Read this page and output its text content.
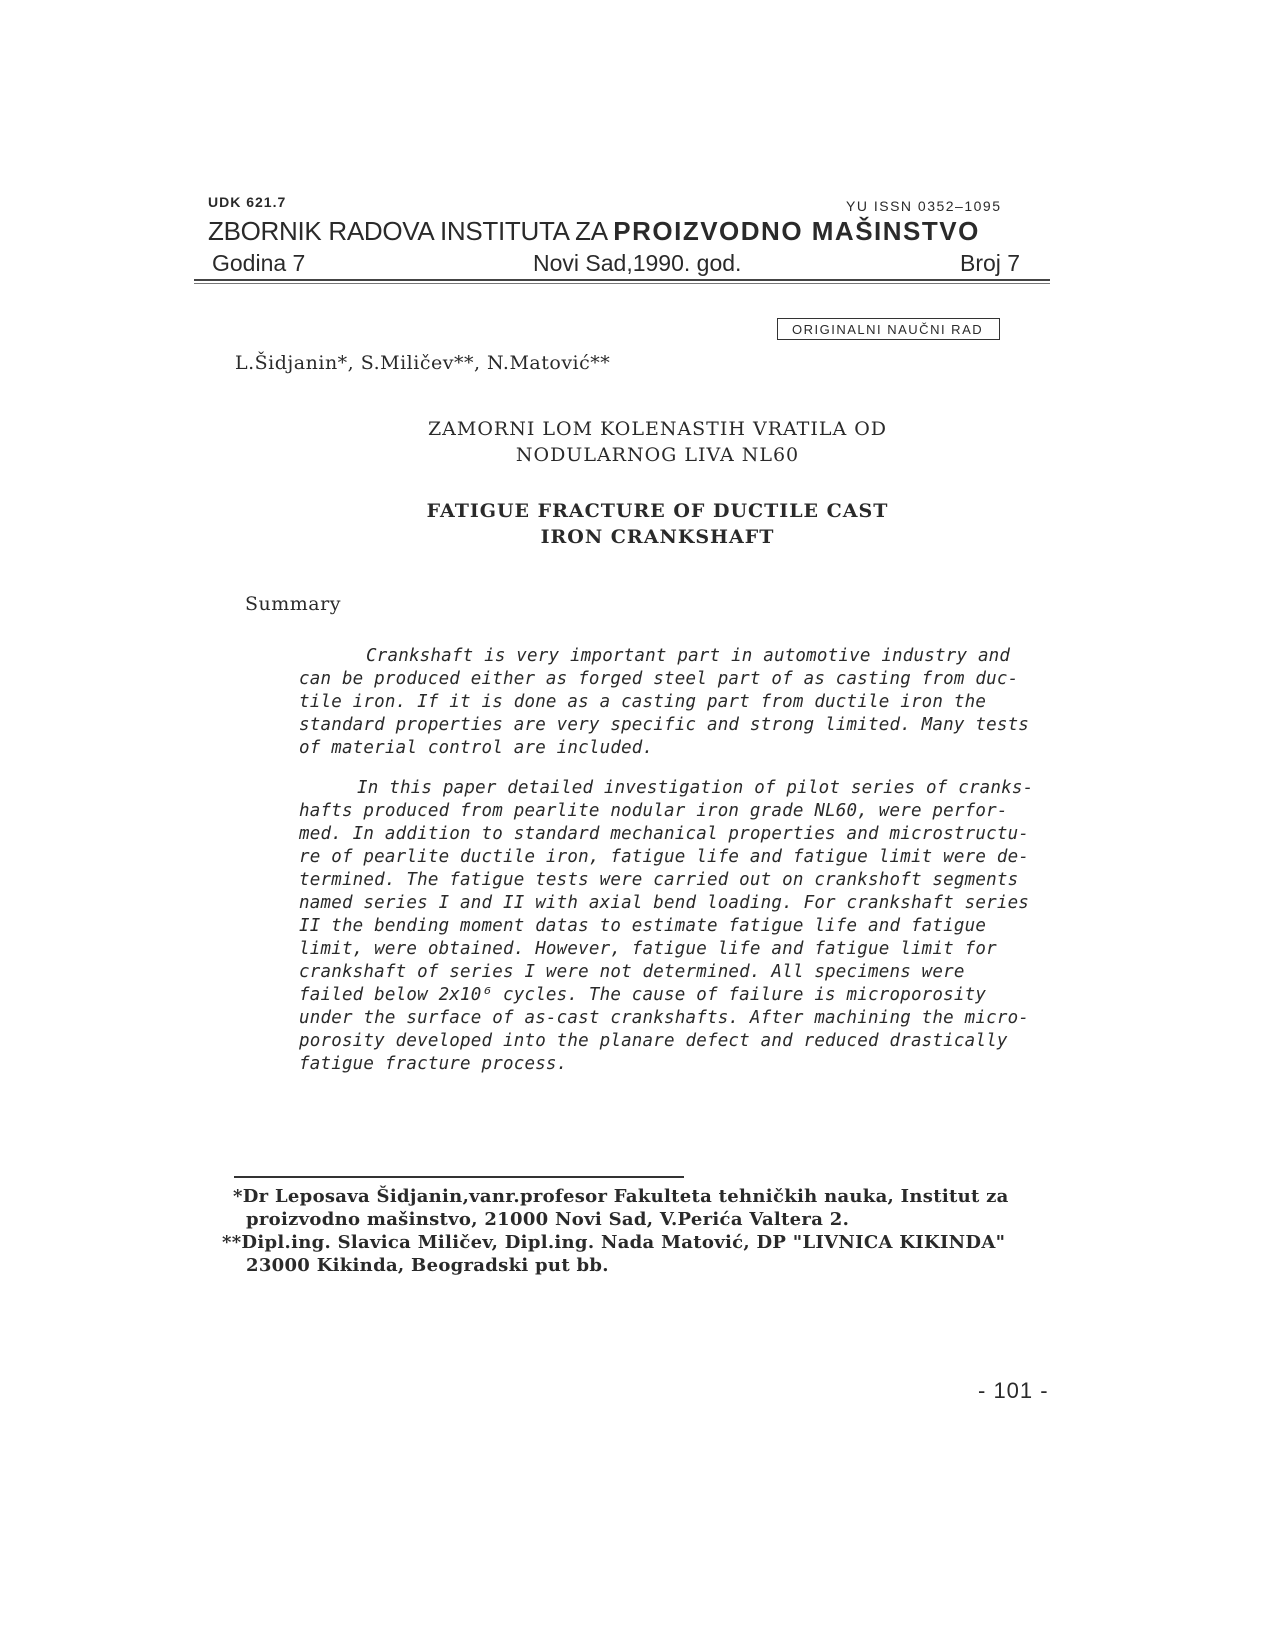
UDK 621.7	YU ISSN 0352–1095
ZBORNIK RADOVA INSTITUTA ZA PROIZVODNO MAŠINSTVO
Godina 7	Novi Sad,1990. god.	Broj 7
ORIGINALNI NAUČNI RAD
L.Šidjanin*, S.Miličev**, N.Matović**
ZAMORNI LOM KOLENASTIH VRATILA OD
NODULARNOG LIVA NL60
FATIGUE FRACTURE OF DUCTILE CAST
IRON CRANKSHAFT
Summary
Crankshaft is very important part in automotive industry and
can be produced either as forged steel part of as casting from duc-
tile iron. If it is done as a casting part from ductile iron the
standard properties are very specific and strong limited. Many tests
of material control are included.
In this paper detailed investigation of pilot series of cranks-
hafts produced from pearlite nodular iron grade NL60, were perfor-
med. In addition to standard mechanical properties and microstructu-
re of pearlite ductile iron, fatigue life and fatigue limit were de-
termined. The fatigue tests were carried out on crankshoft segments
named series I and II with axial bend loading. For crankshaft series
II the bending moment datas to estimate fatigue life and fatigue
limit, were obtained. However, fatigue life and fatigue limit for
crankshaft of series I were not determined. All specimens were
failed below 2x10⁶ cycles. The cause of failure is microporosity
under the surface of as-cast crankshafts. After machining the micro-
porosity developed into the planare defect and reduced drastically
fatigue fracture process.
*Dr Leposava Šidjanin,vanr.profesor Fakulteta tehničkih nauka, Institut za
proizvodno mašinstvo, 21000 Novi Sad, V.Perića Valtera 2.
**Dipl.ing. Slavica Miličev, Dipl.ing. Nada Matović, DP "LIVNICA KIKINDA"
23000 Kikinda, Beogradski put bb.
- 101 -
